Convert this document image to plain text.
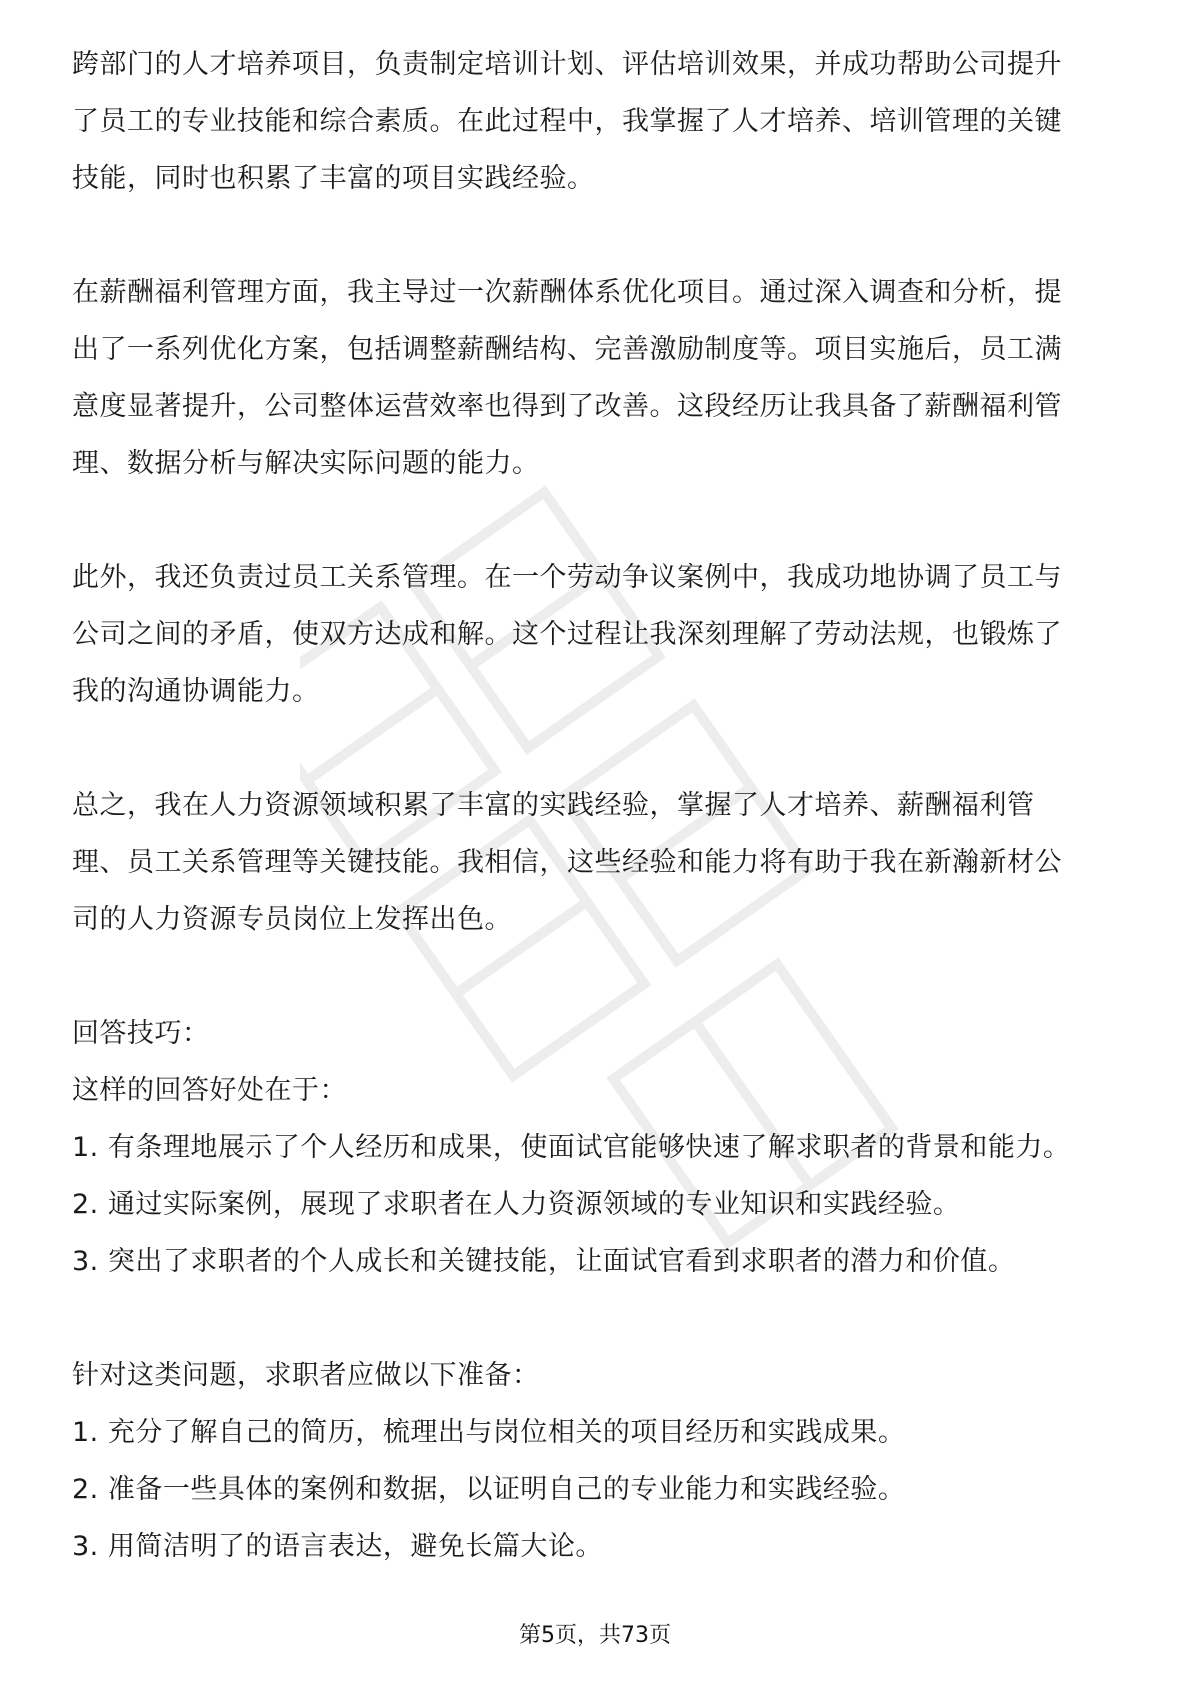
跨部门的人才培养项目，负责制定培训计划、评估培训效果，并成功帮助公司提升
了员工的专业技能和综合素质。在此过程中，我掌握了人才培养、培训管理的关键
技能，同时也积累了丰富的项目实践经验。
在薪酬福利管理方面，我主导过一次薪酬体系优化项目。通过深入调查和分析，提
出了一系列优化方案，包括调整薪酬结构、完善激励制度等。项目实施后，员工满
意度显著提升，公司整体运营效率也得到了改善。这段经历让我具备了薪酬福利管
理、数据分析与解决实际问题的能力。
此外，我还负责过员工关系管理。在一个劳动争议案例中，我成功地协调了员工与
公司之间的矛盾，使双方达成和解。这个过程让我深刻理解了劳动法规，也锻炼了
我的沟通协调能力。
总之，我在人力资源领域积累了丰富的实践经验，掌握了人才培养、薪酬福利管
理、员工关系管理等关键技能。我相信，这些经验和能力将有助于我在新瀚新材公
司的人力资源专员岗位上发挥出色。

回答技巧：

这样的回答好处在于：

1. 有条理地展示了个人经历和成果，使面试官能够快速了解求职者的背景和能力。

2. 通过实际案例，展现了求职者在人力资源领域的专业知识和实践经验。

3. 突出了求职者的个人成长和关键技能，让面试官看到求职者的潜力和价值。

针对这类问题，求职者应做以下准备：

1. 充分了解自己的简历，梳理出与岗位相关的项目经历和实践成果。

2. 准备一些具体的案例和数据，以证明自己的专业能力和实践经验。

3. 用简洁明了的语言表达，避免长篇大论。

第5页，共73页
